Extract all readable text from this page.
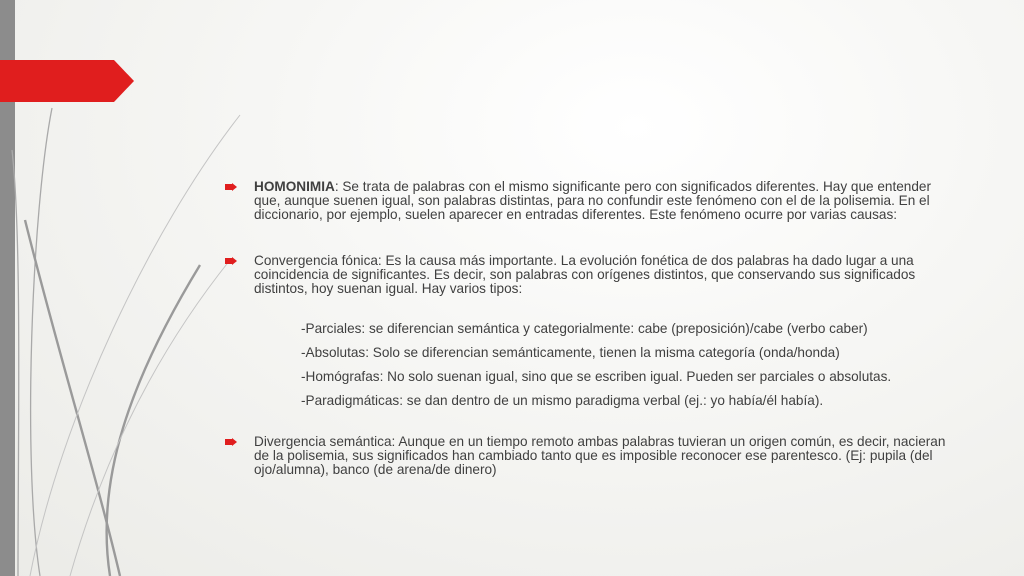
HOMONIMIA: Se trata de palabras con el mismo significante pero con significados diferentes. Hay que entender que, aunque suenen igual, son palabras distintas, para no confundir este fenómeno con el de la polisemia. En el diccionario, por ejemplo, suelen aparecer en entradas diferentes. Este fenómeno ocurre por varias causas:
Convergencia fónica: Es la causa más importante. La evolución fonética de dos palabras ha dado lugar a una coincidencia de significantes. Es decir, son palabras con orígenes distintos, que conservando sus significados distintos, hoy suenan igual. Hay varios tipos:
-Parciales: se diferencian semántica y categorialmente: cabe (preposición)/cabe (verbo caber)
-Absolutas: Solo se diferencian semánticamente, tienen la misma categoría (onda/honda)
-Homógrafas: No solo suenan igual, sino que se escriben igual. Pueden ser parciales o absolutas.
-Paradigmáticas: se dan dentro de un mismo paradigma verbal (ej.: yo había/él había).
Divergencia semántica: Aunque en un tiempo remoto ambas palabras tuvieran un origen común, es decir, nacieran de la polisemia, sus significados han cambiado tanto que es imposible reconocer ese parentesco. (Ej: pupila (del ojo/alumna), banco (de arena/de dinero)
